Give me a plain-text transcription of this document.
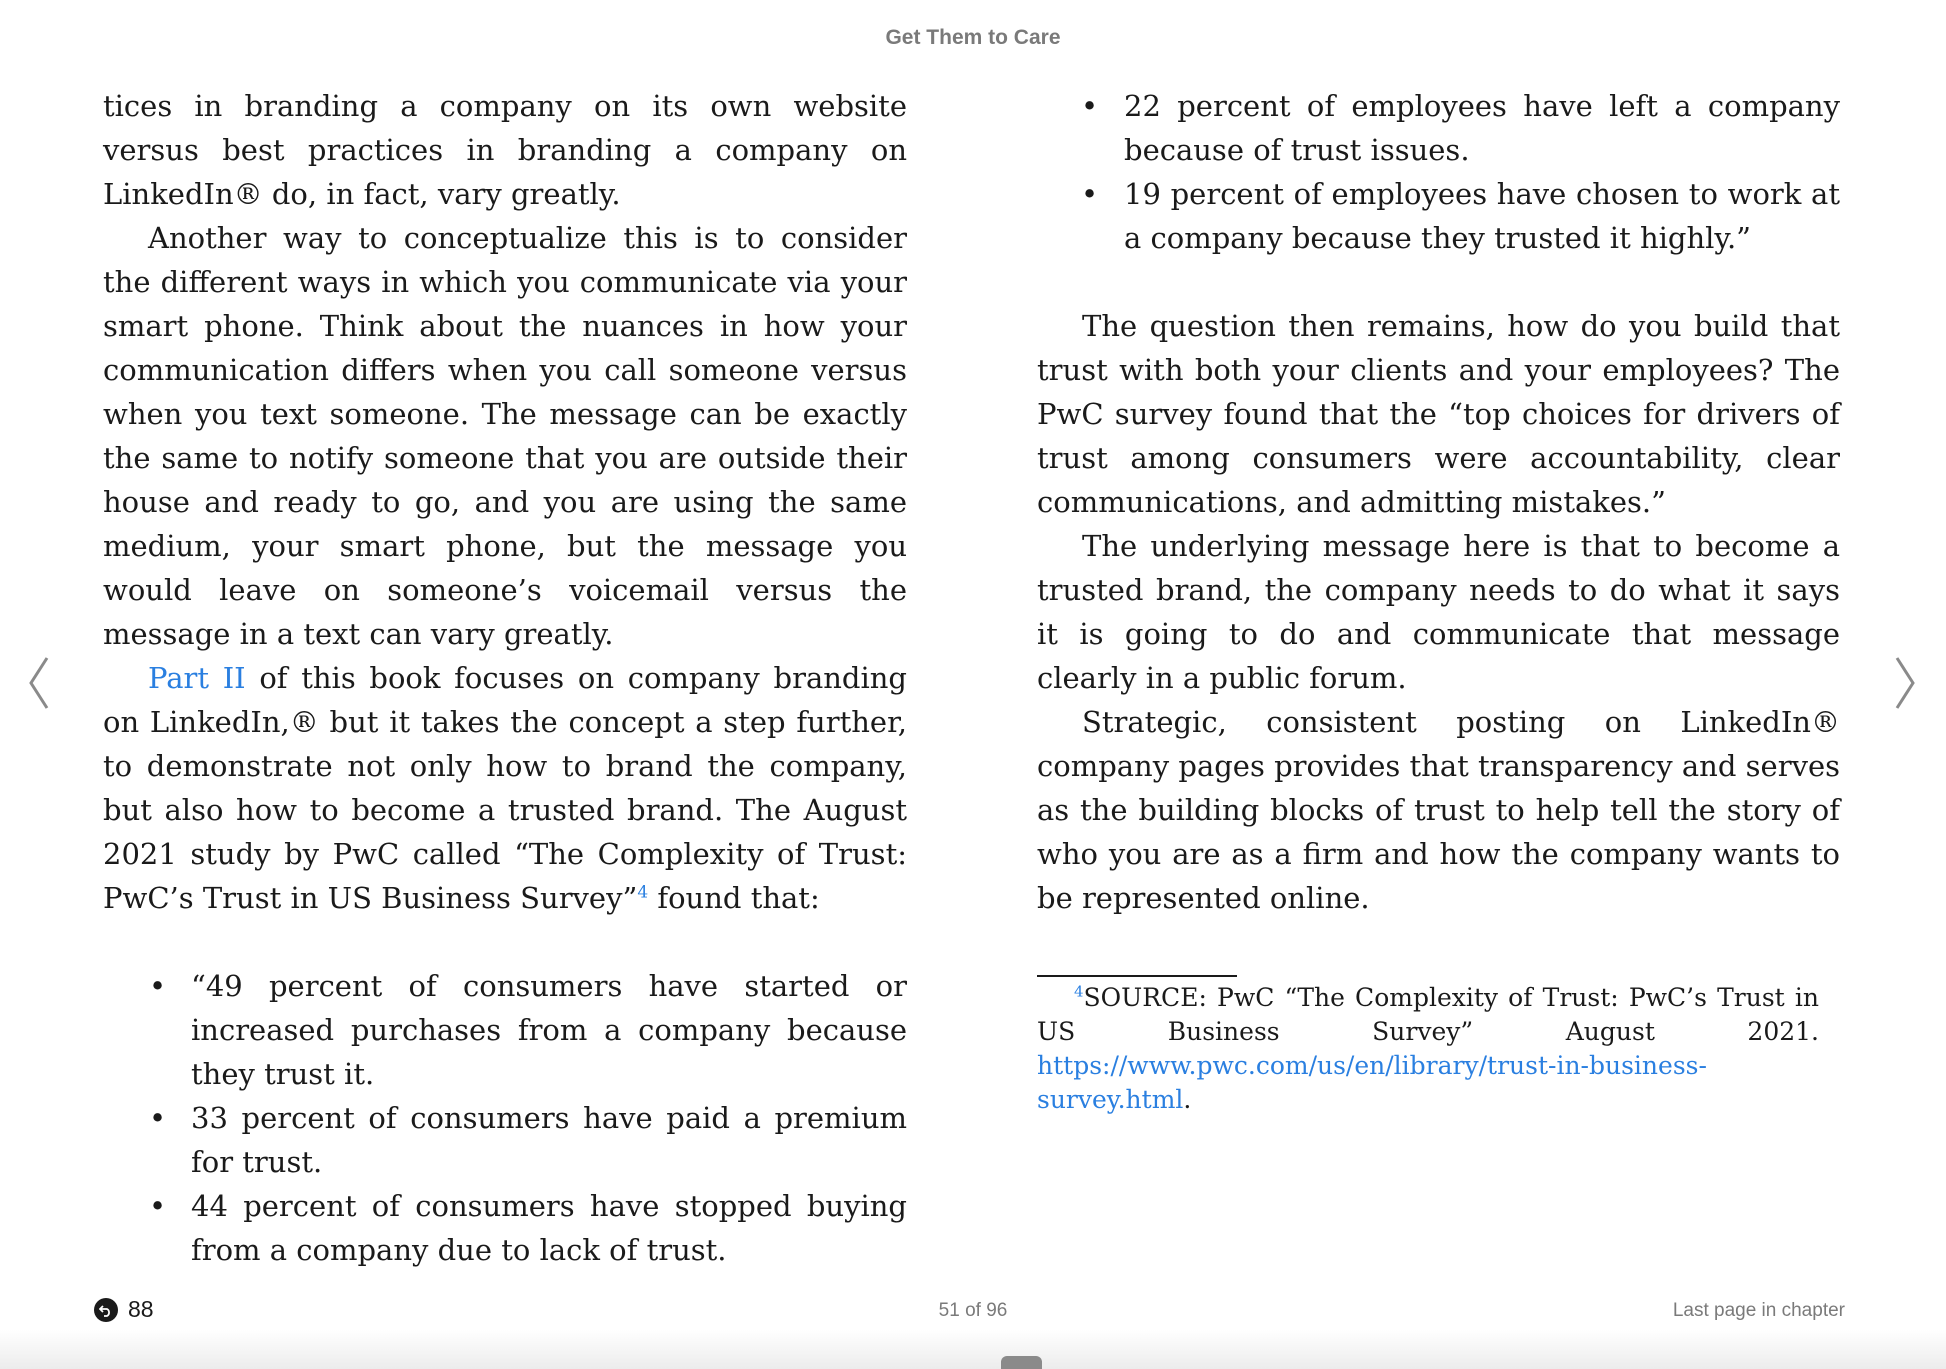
Get Them to Care

tices in branding a company on its own website versus best practices in branding a company on LinkedIn® do, in fact, vary greatly.

Another way to conceptualize this is to consider the different ways in which you communicate via your smart phone. Think about the nuances in how your communication differs when you call someone versus when you text someone. The message can be exactly the same to notify someone that you are outside their house and ready to go, and you are using the same medium, your smart phone, but the message you would leave on someone’s voicemail versus the message in a text can vary greatly.

Part II of this book focuses on company branding on LinkedIn,® but it takes the concept a step further, to demonstrate not only how to brand the company, but also how to become a trusted brand. The August 2021 study by PwC called “The Complexity of Trust: PwC’s Trust in US Business Survey”$^4$ found that:

• “49 percent of consumers have started or increased purchases from a company because they trust it.
• 33 percent of consumers have paid a premium for trust.
• 44 percent of consumers have stopped buying from a company due to lack of trust.
• 22 percent of employees have left a company because of trust issues.
• 19 percent of employees have chosen to work at a company because they trusted it highly.”

The question then remains, how do you build that trust with both your clients and your employees? The PwC survey found that the “top choices for drivers of trust among consumers were accountability, clear communications, and admitting mistakes.”

The underlying message here is that to become a trusted brand, the company needs to do what it says it is going to do and communicate that message clearly in a public forum.

Strategic, consistent posting on LinkedIn® company pages provides that transparency and serves as the building blocks of trust to help tell the story of who you are as a firm and how the company wants to be represented online.

$^4$SOURCE: PwC “The Complexity of Trust: PwC’s Trust in US Business Survey” August 2021. https://www.pwc.com/us/en/library/trust-in-business-survey.html.
88	51 of 96	Last page in chapter
